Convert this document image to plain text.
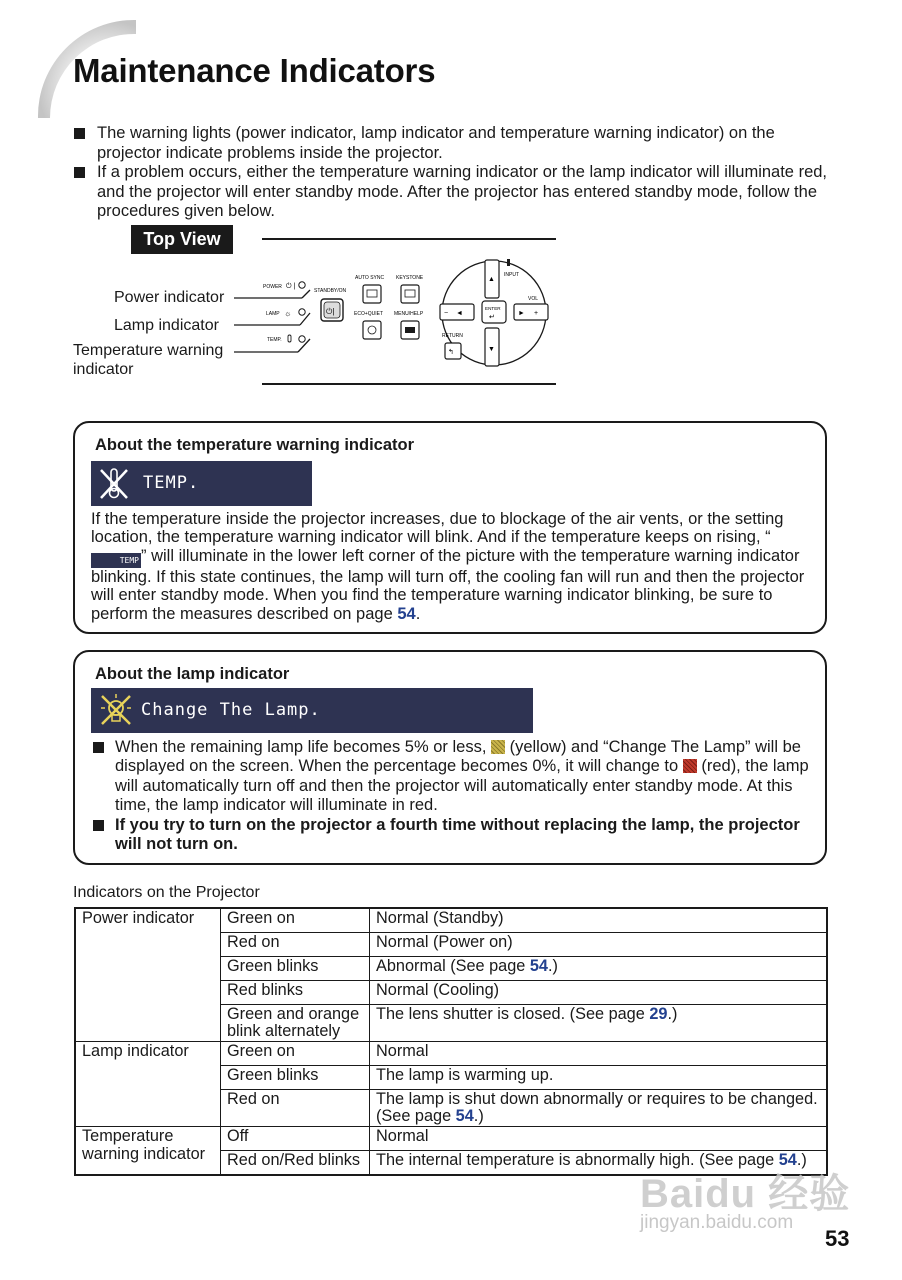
Maintenance Indicators
The warning lights (power indicator, lamp indicator and temperature warning indicator) on the projector indicate problems inside the projector.
If a problem occurs, either the temperature warning indicator or the lamp indicator will illuminate red, and the projector will enter standby mode. After the projector has entered standby mode, follow the procedures given below.
Top View
Power indicator
Lamp indicator
Temperature warning
indicator
POWER ⏻ |
LAMP ☼
TEMP.
STANDBY/ON
⏻|
AUTO SYNC KEYSTONE
ECO+QUIET MENU/HELP
▲
▼
− ◄	► +
ENTER
↵
INPUT
VOL
RETURN
↰
About the temperature warning indicator
TEMP.

If the temperature inside the projector increases, due to blockage of the air vents, or the setting location, the temperature warning indicator will blink. And if the temperature keeps on rising, “TEMP ” will illuminate in the lower left corner of the picture with the temperature warning indicator blinking. If this state continues, the lamp will turn off, the cooling fan will run and then the projector will enter standby mode. When you find the temperature warning indicator blinking, be sure to perform the measures described on page 54.

About the lamp indicator
Change The Lamp.
When the remaining lamp life becomes 5% or less,  (yellow) and “Change The Lamp” will be displayed on the screen. When the percentage becomes 0%, it will change to  (red), the lamp will automatically turn off and then the projector will automatically enter standby mode. At this time, the lamp indicator will illuminate in red.
If you try to turn on the projector a fourth time without replacing the lamp, the projector will not turn on.
Indicators on the Projector
Power indicator	Green on	Normal (Standby)
	Red on	Normal (Power on)
	Green blinks	Abnormal (See page 54.)
	Red blinks	Normal (Cooling)
	Green and orange blink alternately	The lens shutter is closed. (See page 29.)
Lamp indicator	Green on	Normal
	Green blinks	The lamp is warming up.
	Red on	The lamp is shut down abnormally or requires to be changed. (See page 54.)
Temperature warning indicator	Off	Normal
	Red on/Red blinks	The internal temperature is abnormally high. (See page 54.)
Baidu 经验
jingyan.baidu.com
53
